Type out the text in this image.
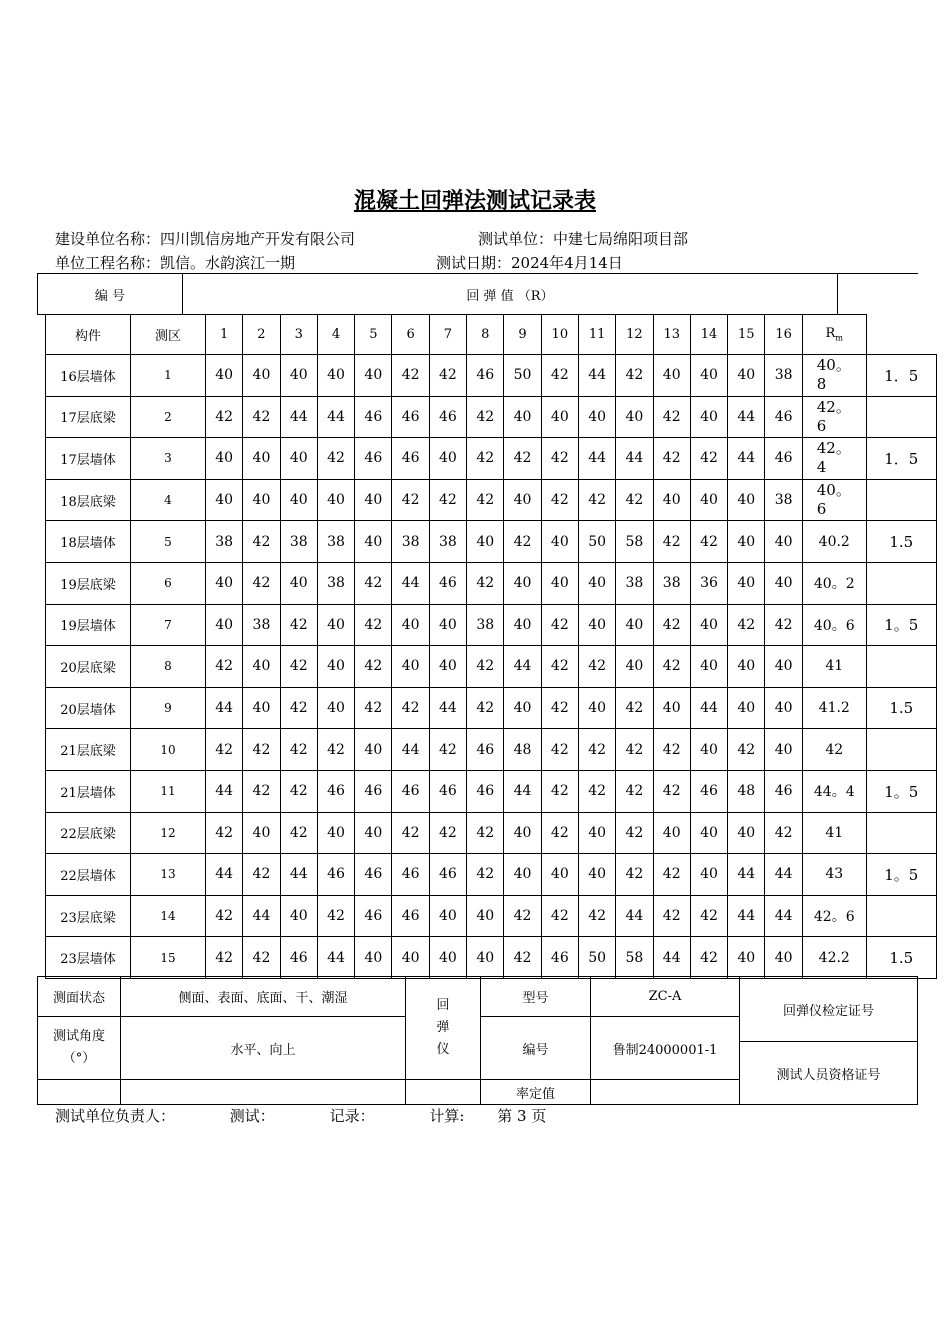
混凝土回弹法测试记录表
建设单位名称：四川凯信房地产开发有限公司	测试单位：中建七局绵阳项目部
单位工程名称：凯信。水韵滨江一期	测试日期：2024年4月14日
编 号	回 弹 值 （R）	
构件	测区	1	2	3	4	5	6	7	8	9	10	11	12	13	14	15	16	$R_m$	
16层墙体	1	40	40	40	40	40	42	42	46	50	42	44	42	40	40	40	38	40。8	1．5
17层底梁	2	42	42	44	44	46	46	46	42	40	40	40	40	42	40	44	46	42。6	
17层墙体	3	40	40	40	42	46	46	40	42	42	42	44	44	42	42	44	46	42。4	1．5
18层底梁	4	40	40	40	40	40	42	42	42	40	42	42	42	40	40	40	38	40。6	
18层墙体	5	38	42	38	38	40	38	38	40	42	40	50	58	42	42	40	40	40.2	1.5
19层底梁	6	40	42	40	38	42	44	46	42	40	40	40	38	38	36	40	40	40。2	
19层墙体	7	40	38	42	40	42	40	40	38	40	42	40	40	42	40	42	42	40。6	1。5
20层底梁	8	42	40	42	40	42	40	40	42	44	42	42	40	42	40	40	40	41	
20层墙体	9	44	40	42	40	42	42	44	42	40	42	40	42	40	44	40	40	41.2	1.5
21层底梁	10	42	42	42	42	40	44	42	46	48	42	42	42	42	40	42	40	42	
21层墙体	11	44	42	42	46	46	46	46	46	44	42	42	42	42	46	48	46	44。4	1。5
22层底梁	12	42	40	42	40	40	42	42	42	40	42	40	42	40	40	40	42	41	
22层墙体	13	44	42	44	46	46	46	46	42	40	40	40	42	42	40	44	44	43	1。5
23层底梁	14	42	44	40	42	46	46	40	40	42	42	42	44	42	42	44	44	42。6	
23层墙体	15	42	42	46	44	40	40	40	40	42	46	50	58	44	42	40	40	42.2	1.5
测面状态	侧面、表面、底面、干、潮湿	回弹仪	型号	ZC-A	回弹仪检定证号

测试角度（°）	水平、向上		编号	鲁制24000001-1	
					测试人员资格证号
			率定值		
测试单位负责人：	测试：	记录：	计算: 第 3 页
